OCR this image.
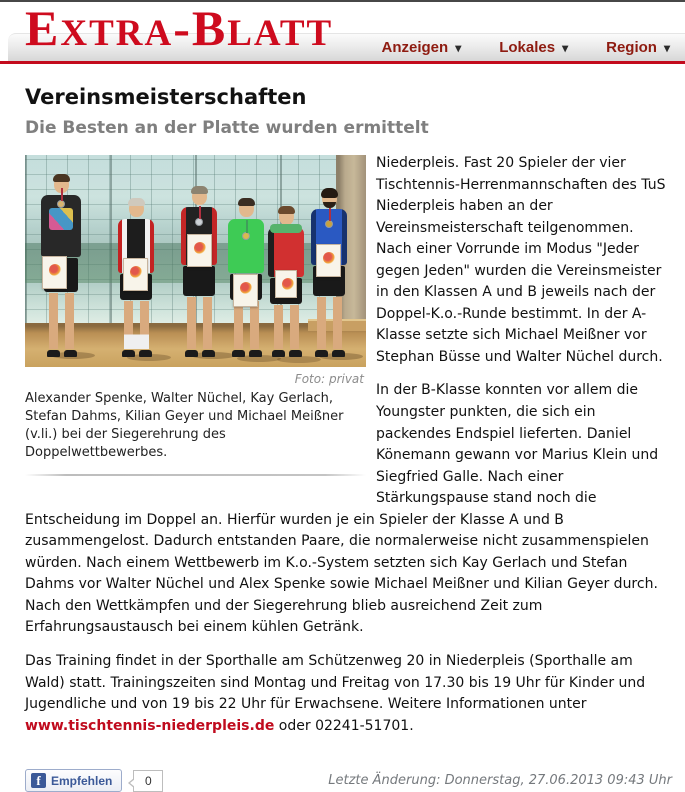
Anzeigen ▾	Lokales ▾	Region ▾
EXTRA-BLATT
Vereinsmeisterschaften
Die Besten an der Platte wurden ermittelt
Foto: privat
Alexander Spenke, Walter Nüchel, Kay Gerlach, Stefan Dahms, Kilian Geyer und Michael Meißner (v.li.) bei der Siegerehrung des Doppelwettbewerbes.

Niederpleis. Fast 20 Spieler der vier Tischtennis-Herrenmannschaften des TuS Niederpleis haben an der Vereinsmeisterschaft teilgenommen. Nach einer Vorrunde im Modus "Jeder gegen Jeden" wurden die Vereinsmeister in den Klassen A und B jeweils nach der Doppel-K.o.-Runde bestimmt. In der A-Klasse setzte sich Michael Meißner vor Stephan Büsse und Walter Nüchel durch.

In der B-Klasse konnten vor allem die Youngster punkten, die sich ein packendes Endspiel lieferten. Daniel Könemann gewann vor Marius Klein und Siegfried Galle. Nach einer Stärkungspause stand noch die Entscheidung im Doppel an. Hierfür wurden je ein Spieler der Klasse A und B zusammengelost. Dadurch entstanden Paare, die normalerweise nicht zusammenspielen würden. Nach einem Wettbewerb im K.o.-System setzten sich Kay Gerlach und Stefan Dahms vor Walter Nüchel und Alex Spenke sowie Michael Meißner und Kilian Geyer durch. Nach den Wettkämpfen und der Siegerehrung blieb ausreichend Zeit zum Erfahrungsaustausch bei einem kühlen Getränk.

Das Training findet in der Sporthalle am Schützenweg 20 in Niederpleis (Sporthalle am Wald) statt. Trainingszeiten sind Montag und Freitag von 17.30 bis 19 Uhr für Kinder und Jugendliche und von 19 bis 22 Uhr für Erwachsene. Weitere Informationen unter www.tischtennis-niederpleis.de oder 02241-51701.

f Empfehlen	0	Letzte Änderung: Donnerstag, 27.06.2013 09:43 Uhr
